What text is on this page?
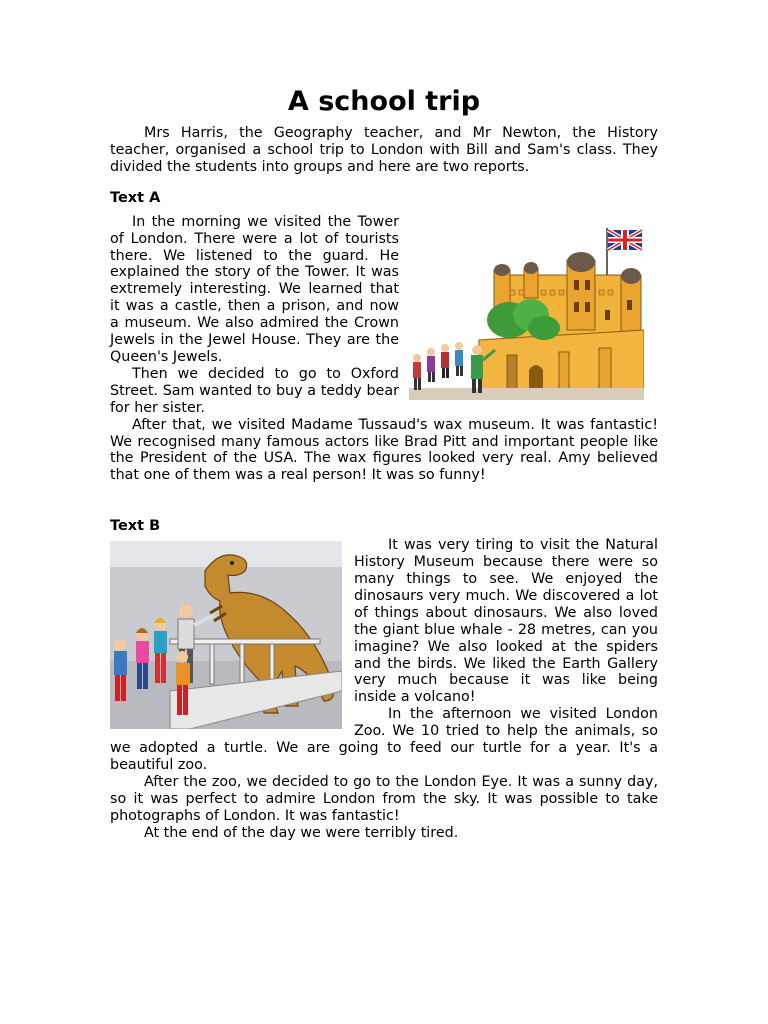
A school trip

Mrs Harris, the Geography teacher, and Mr Newton, the History teacher, organised a school trip to London with Bill and Sam's class. They divided the students into groups and here are two reports.

Text A

In the morning we visited the Tower of London. There were a lot of tourists there. We listened to the guard. He explained the story of the Tower. It was extremely interesting. We learned that it was a castle, then a prison, and now a museum. We also admired the Crown Jewels in the Jewel House. They are the Queen's Jewels.

Then we decided to go to Oxford Street. Sam wanted to buy a teddy bear for her sister.

After that, we visited Madame Tussaud's wax museum. It was fantastic! We recognised many famous actors like Brad Pitt and important people like the President of the USA. The wax figures looked very real. Amy believed that one of them was a real person! It was so funny!

Text B

It was very tiring to visit the Natural History Museum because there were so many things to see. We enjoyed the dinosaurs very much. We discovered a lot of things about dinosaurs. We also loved the giant blue whale - 28 metres, can you imagine? We also looked at the spiders and the birds. We liked the Earth Gallery very much because it was like being inside a volcano!

In the afternoon we visited London Zoo. We 10 tried to help the animals, so we adopted a turtle. We are going to feed our turtle for a year. It's a beautiful zoo.

After the zoo, we decided to go to the London Eye. It was a sunny day, so it was perfect to admire London from the sky. It was possible to take photographs of London. It was fantastic!

At the end of the day we were terribly tired.
